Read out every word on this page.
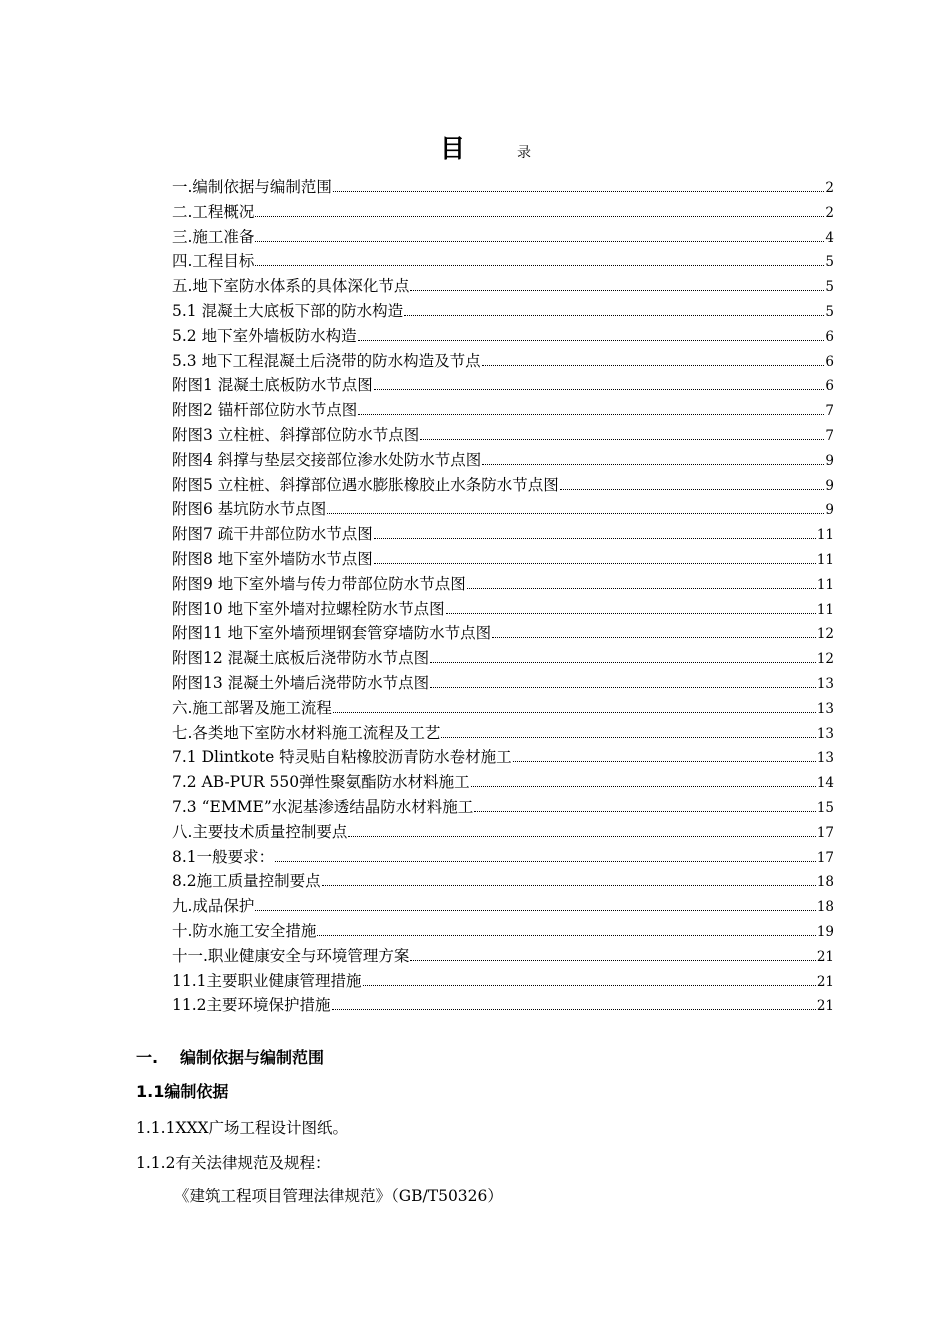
目	录
一.编制依据与编制范围	2
二.工程概况	2
三.施工准备	4
四.工程目标	5
五.地下室防水体系的具体深化节点	5
5.1 混凝土大底板下部的防水构造	5
5.2 地下室外墙板防水构造	6
5.3 地下工程混凝土后浇带的防水构造及节点	6
附图1 混凝土底板防水节点图	6
附图2 锚杆部位防水节点图	7
附图3 立柱桩、斜撑部位防水节点图	7
附图4 斜撑与垫层交接部位渗水处防水节点图	9
附图5 立柱桩、斜撑部位遇水膨胀橡胶止水条防水节点图	9
附图6 基坑防水节点图	9
附图7 疏干井部位防水节点图	11
附图8 地下室外墙防水节点图	11
附图9 地下室外墙与传力带部位防水节点图	11
附图10 地下室外墙对拉螺栓防水节点图	11
附图11 地下室外墙预埋钢套管穿墙防水节点图	12
附图12 混凝土底板后浇带防水节点图	12
附图13 混凝土外墙后浇带防水节点图	13
六.施工部署及施工流程	13
七.各类地下室防水材料施工流程及工艺	13
7.1 Dlintkote 特灵贴自粘橡胶沥青防水卷材施工	13
7.2 AB-PUR 550弹性聚氨酯防水材料施工	14
7.3 “EMME”水泥基渗透结晶防水材料施工	15
八.主要技术质量控制要点	17
8.1一般要求：	17
8.2施工质量控制要点	18
九.成品保护	18
十.防水施工安全措施	19
十一.职业健康安全与环境管理方案	21
11.1主要职业健康管理措施	21
11.2主要环境保护措施	21
一. 编制依据与编制范围
1.1编制依据
1.1.1XXX广场工程设计图纸。
1.1.2有关法律规范及规程：
《建筑工程项目管理法律规范》（GB/T50326）
